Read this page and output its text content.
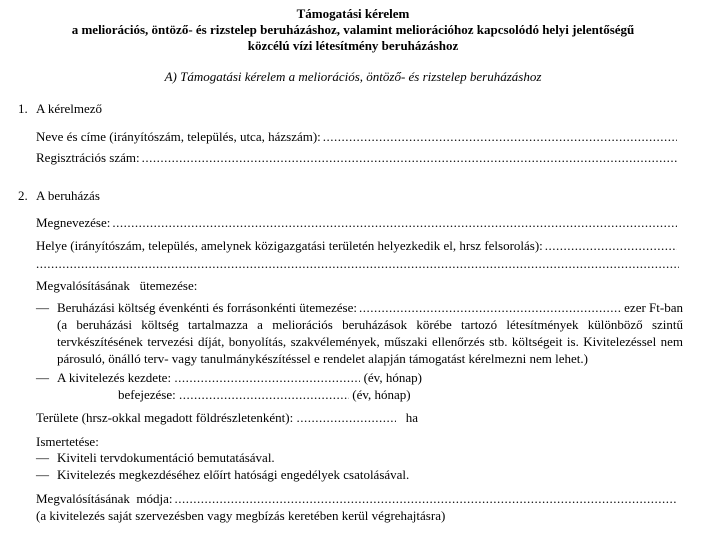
Támogatási kérelem
a meliorációs, öntöző- és rizstelep beruházáshoz, valamint meliorációhoz kapcsolódó helyi jelentőségű
közcélú vízi létesítmény beruházáshoz
A) Támogatási kérelem a meliorációs, öntöző- és rizstelep beruházáshoz
1. A kérelmező
Neve és címe (irányítószám, település, utca, házszám):
.....
Regisztrációs szám:
.....
2. A beruházás
Megnevezése:
.....
Helye (irányítószám, település, amelynek közigazgatási területén helyezkedik el, hrsz felsorolás):
.....
.....
Megvalósításának   ütemezése:
— Beruházási költség évenkénti és forrásonkénti ütemezése: .....	ezer Ft-ban
(a beruházási költség tartalmazza a meliorációs beruházások körébe tartozó létesítmények különböző szintű tervkészítésének tervezési díját, bonyolítás, szakvélemények, műszaki ellenőrzés stb. költségeit is. Kivitelezéssel nem párosuló, önálló terv- vagy tanulmánykészítéssel e rendelet alapján támogatást kérelmezni nem lehet.)
— A kivitelezés kezdete: .....	(év, hónap)
befejezése: .....	(év, hónap)
Területe (hrsz-okkal megadott földrészletenként): .....	ha
Ismertetése:
— Kiviteli tervdokumentáció bemutatásával.
— Kivitelezés megkezdéséhez előírt hatósági engedélyek csatolásával.
Megvalósításának  módja:
.....
(a kivitelezés saját szervezésben vagy megbízás keretében kerül végrehajtásra)
